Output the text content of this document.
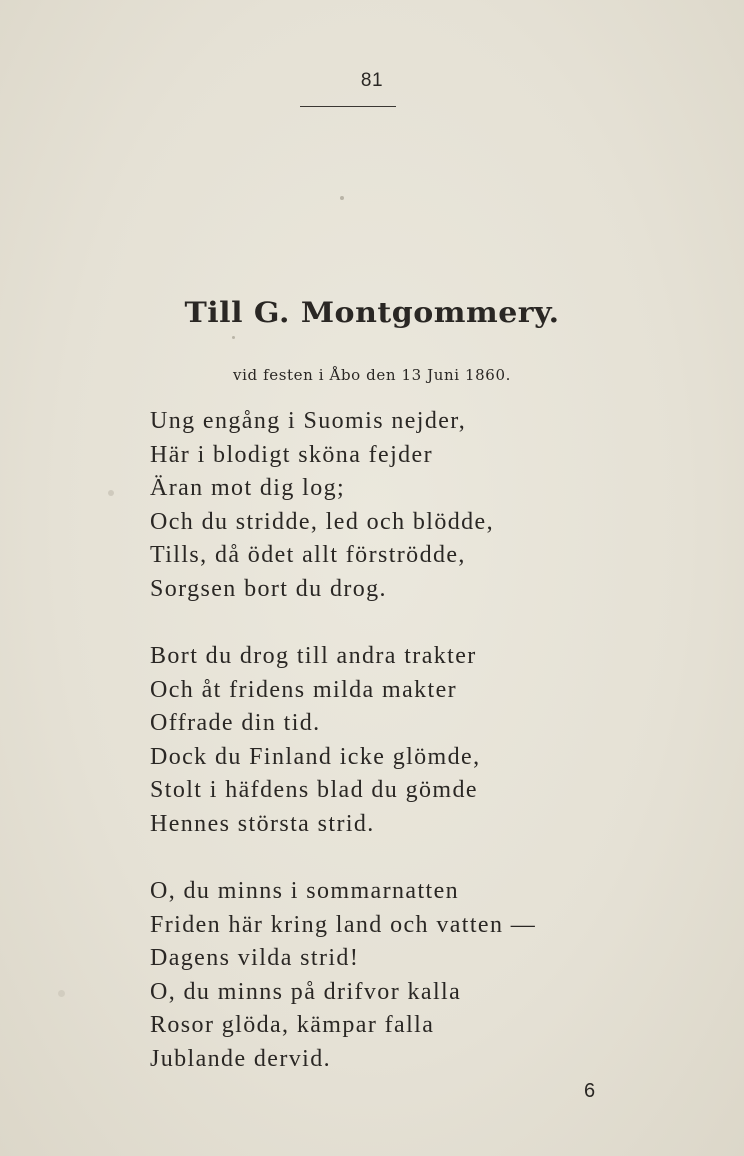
81
Till G. Montgommery.
vid festen i Åbo den 13 Juni 1860.
Ung engång i Suomis nejder,
Här i blodigt sköna fejder
Äran mot dig log;
Och du stridde, led och blödde,
Tills, då ödet allt förströdde,
Sorgsen bort du drog.
Bort du drog till andra trakter
Och åt fridens milda makter
Offrade din tid.
Dock du Finland icke glömde,
Stolt i häfdens blad du gömde
Hennes största strid.
O, du minns i sommarnatten
Friden här kring land och vatten —
Dagens vilda strid!
O, du minns på drifvor kalla
Rosor glöda, kämpar falla
Jublande dervid.
6
